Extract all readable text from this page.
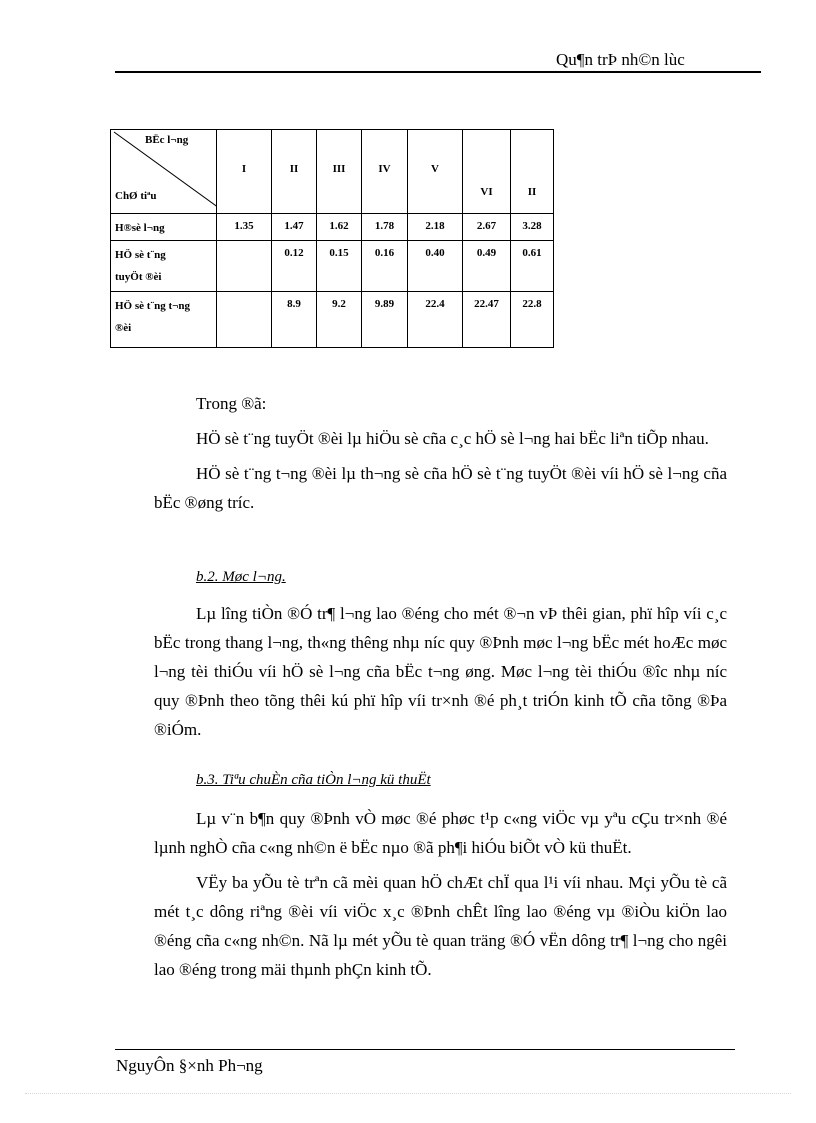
Qu¶n trÞ nh©n lùc
BËc l¬ng
ChØ tiªu	I	II	III	IV	V	VI	II

H®sè l¬ng	1.35	1.47	1.62	1.78	2.18	2.67	3.28

HÖ sè t¨ng
tuyÖt ®èi		0.12	0.15	0.16	0.40	0.49	0.61

HÖ sè t¨ng t¬ng
®èi		8.9	9.2	9.89	22.4	22.47	22.8

Trong ®ã:

HÖ sè t¨ng tuyÖt ®èi lµ hiÖu sè cña c¸c hÖ sè l¬ng hai bËc liªn tiÕp nhau.

HÖ sè t¨ng t¬ng ®èi lµ th¬ng sè cña hÖ sè t¨ng tuyÖt ®èi víi hÖ sè l¬ng cña bËc ®øng tríc.

b.2. Møc l¬ng.

Lµ lîng tiÒn ®Ó tr¶ l¬ng lao ®éng cho mét ®¬n vÞ thêi gian, phï hîp víi c¸c bËc trong thang l¬ng, th«ng thêng nhµ níc quy ®Þnh møc l¬ng bËc mét hoÆc møc l¬ng tèi thiÓu víi hÖ sè l¬ng cña bËc t¬ng øng. Møc l¬ng tèi thiÓu ®îc nhµ níc quy ®Þnh theo tõng thêi kú phï hîp víi tr×nh ®é ph¸t triÓn kinh tÕ cña tõng ®Þa ®iÓm.

b.3. Tiªu chuÈn cña tiÒn l¬ng kü thuËt

Lµ v¨n b¶n quy ®Þnh vÒ møc ®é phøc t¹p c«ng viÖc vµ yªu cÇu tr×nh ®é lµnh nghÒ cña c«ng nh©n ë bËc nµo ®ã ph¶i hiÓu biÕt vÒ kü thuËt.

VËy ba yÕu tè trªn cã mèi quan hÖ chÆt chÏ qua l¹i víi nhau. Mçi yÕu tè cã mét t¸c dông riªng ®èi víi viÖc x¸c ®Þnh chÊt lîng lao ®éng vµ ®iÒu kiÖn lao ®éng cña c«ng nh©n. Nã lµ mét yÕu tè quan träng ®Ó vËn dông tr¶ l¬ng cho ngêi lao ®éng trong mäi thµnh phÇn kinh tÕ.

NguyÔn §×nh Ph¬ng
